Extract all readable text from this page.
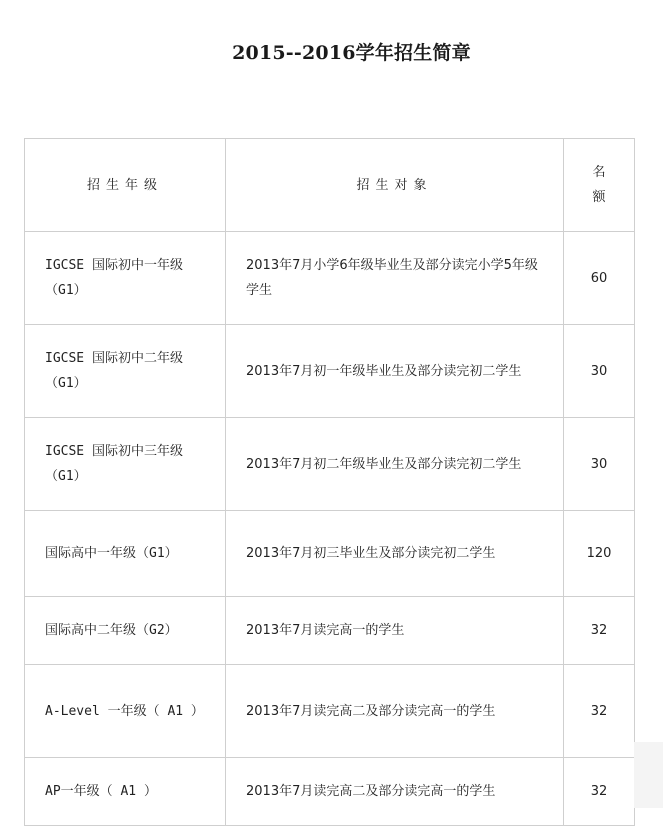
2015--2016学年招生简章
招生年级	招生对象	名
额

IGCSE 国际初中一年级（G1）	2013年7月小学6年级毕业生及部分读完小学5年级学生	60

IGCSE 国际初中二年级（G1）	2013年7月初一年级毕业生及部分读完初二学生	30

IGCSE 国际初中三年级（G1）	2013年7月初二年级毕业生及部分读完初二学生	30

国际高中一年级（G1）	2013年7月初三毕业生及部分读完初二学生	120

国际高中二年级（G2）	2013年7月读完高一的学生	32

A-Level 一年级（ A1 ）	2013年7月读完高二及部分读完高一的学生	32

AP一年级（ A1 ）	2013年7月读完高二及部分读完高一的学生	32
